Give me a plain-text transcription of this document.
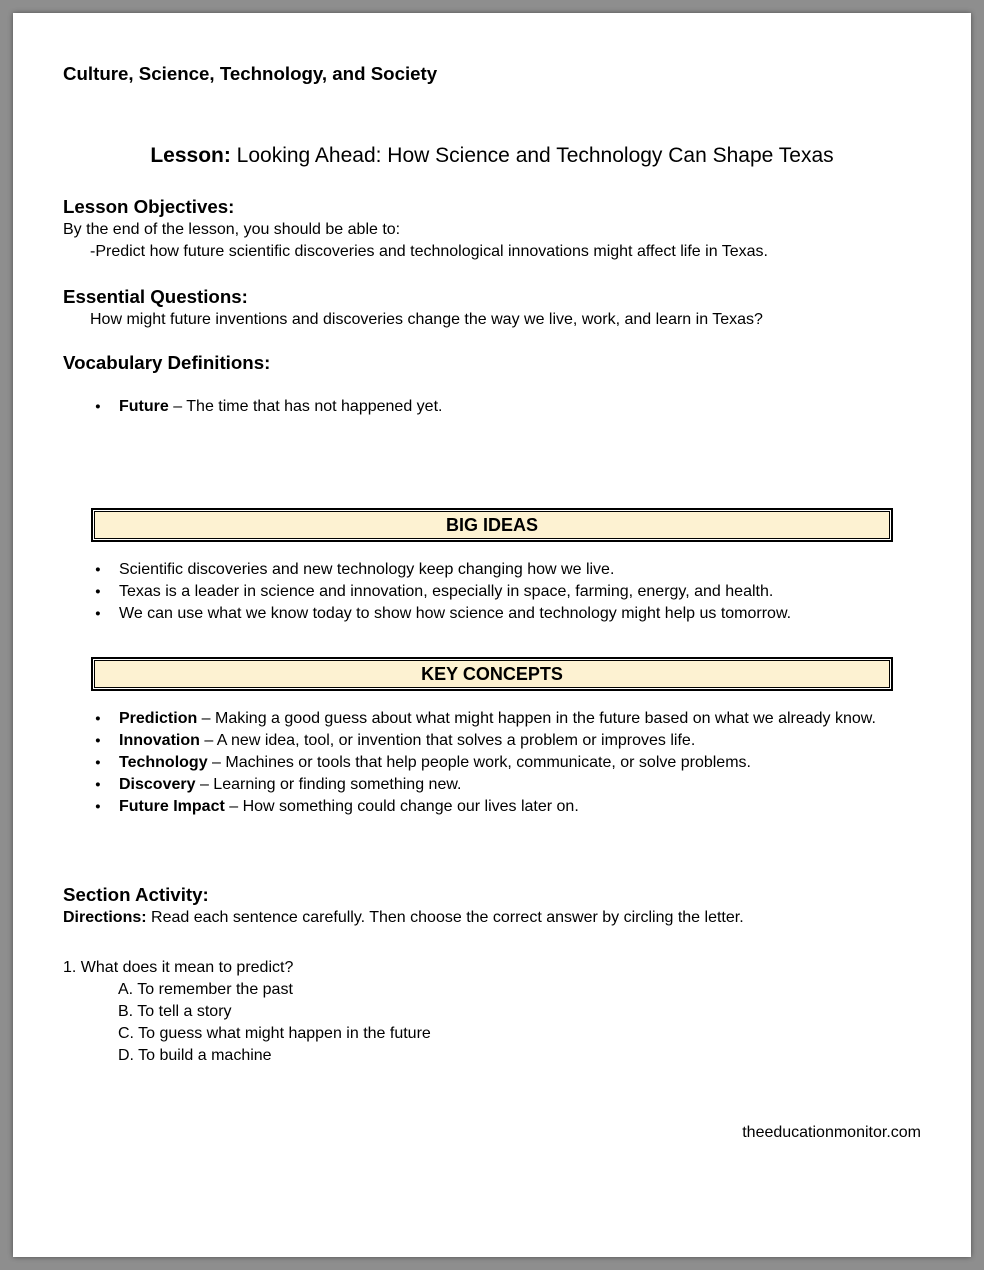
Culture, Science, Technology, and Society

Lesson: Looking Ahead: How Science and Technology Can Shape Texas

Lesson Objectives:

By the end of the lesson, you should be able to:

- Predict how future scientific discoveries and technological innovations might affect life in Texas.
Essential Questions:

How might future inventions and discoveries change the way we live, work, and learn in Texas?

Vocabulary Definitions:
●	Future – The time that has not happened yet.
BIG IDEAS
●	Scientific discoveries and new technology keep changing how we live.
●	Texas is a leader in science and innovation, especially in space, farming, energy, and health.
●	We can use what we know today to show how science and technology might help us tomorrow.
KEY CONCEPTS
●	Prediction – Making a good guess about what might happen in the future based on what we already know.
●	Innovation – A new idea, tool, or invention that solves a problem or improves life.
●	Technology – Machines or tools that help people work, communicate, or solve problems.
●	Discovery – Learning or finding something new.
●	Future Impact – How something could change our lives later on.
Section Activity:

Directions: Read each sentence carefully. Then choose the correct answer by circling the letter.

1. What does it mean to predict?

A. To remember the past
B. To tell a story
C. To guess what might happen in the future
D. To build a machine

theeducationmonitor.com
